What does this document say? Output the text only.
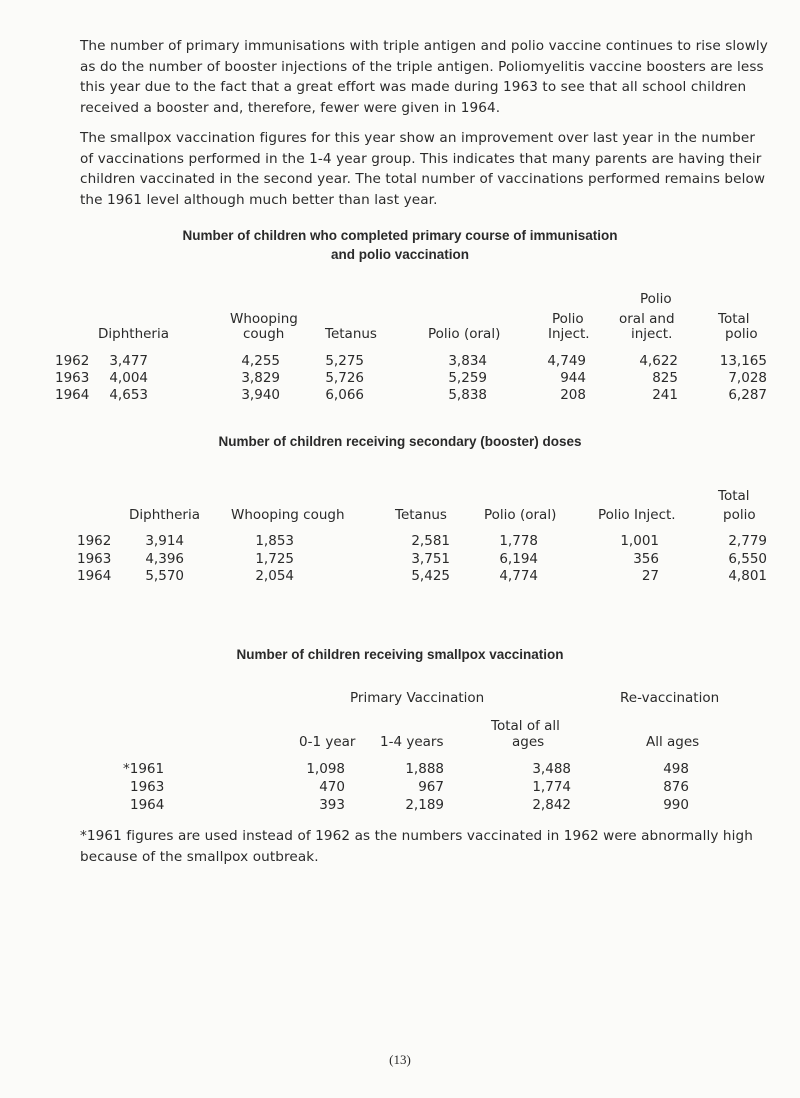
The number of primary immunisations with triple antigen and polio vaccine continues to rise slowly as do the number of booster injections of the triple antigen. Poliomyelitis vaccine boosters are less this year due to the fact that a great effort was made during 1963 to see that all school children received a booster and, therefore, fewer were given in 1964.

The smallpox vaccination figures for this year show an improvement over last year in the number of vaccinations performed in the 1-4 year group. This indicates that many parents are having their children vaccinated in the second year. The total number of vaccinations performed remains below the 1961 level although much better than last year.

Number of children who completed primary course of immunisation

and polio vaccination

Polio
Whooping	Polio	oral and	Total
Diphtheria	cough	Tetanus	Polio (oral)	Inject.	inject.	polio
1962 3,477	4,255	5,275	3,834	4,749	4,622	13,165
1963 4,004	3,829	5,726	5,259	944	825	7,028
1964 4,653	3,940	6,066	5,838	208	241	6,287

Number of children receiving secondary (booster) doses

Total
Diphtheria Whooping cough	Tetanus	Polio (oral)	Polio Inject.	polio
1962	3,914	1,853	2,581	1,778	1,001	2,779
1963	4,396	1,725	3,751	6,194	356	6,550
1964	5,570	2,054	5,425	4,774	27	4,801

Number of children receiving smallpox vaccination

Primary Vaccination	Re-vaccination
Total of all
0-1 year 1-4 years	ages	All ages
*1961	1,098	1,888	3,488	498
1963	470	967	1,774	876
1964	393	2,189	2,842	990

*1961 figures are used instead of 1962 as the numbers vaccinated in 1962 were abnormally high because of the smallpox outbreak.

(13)
